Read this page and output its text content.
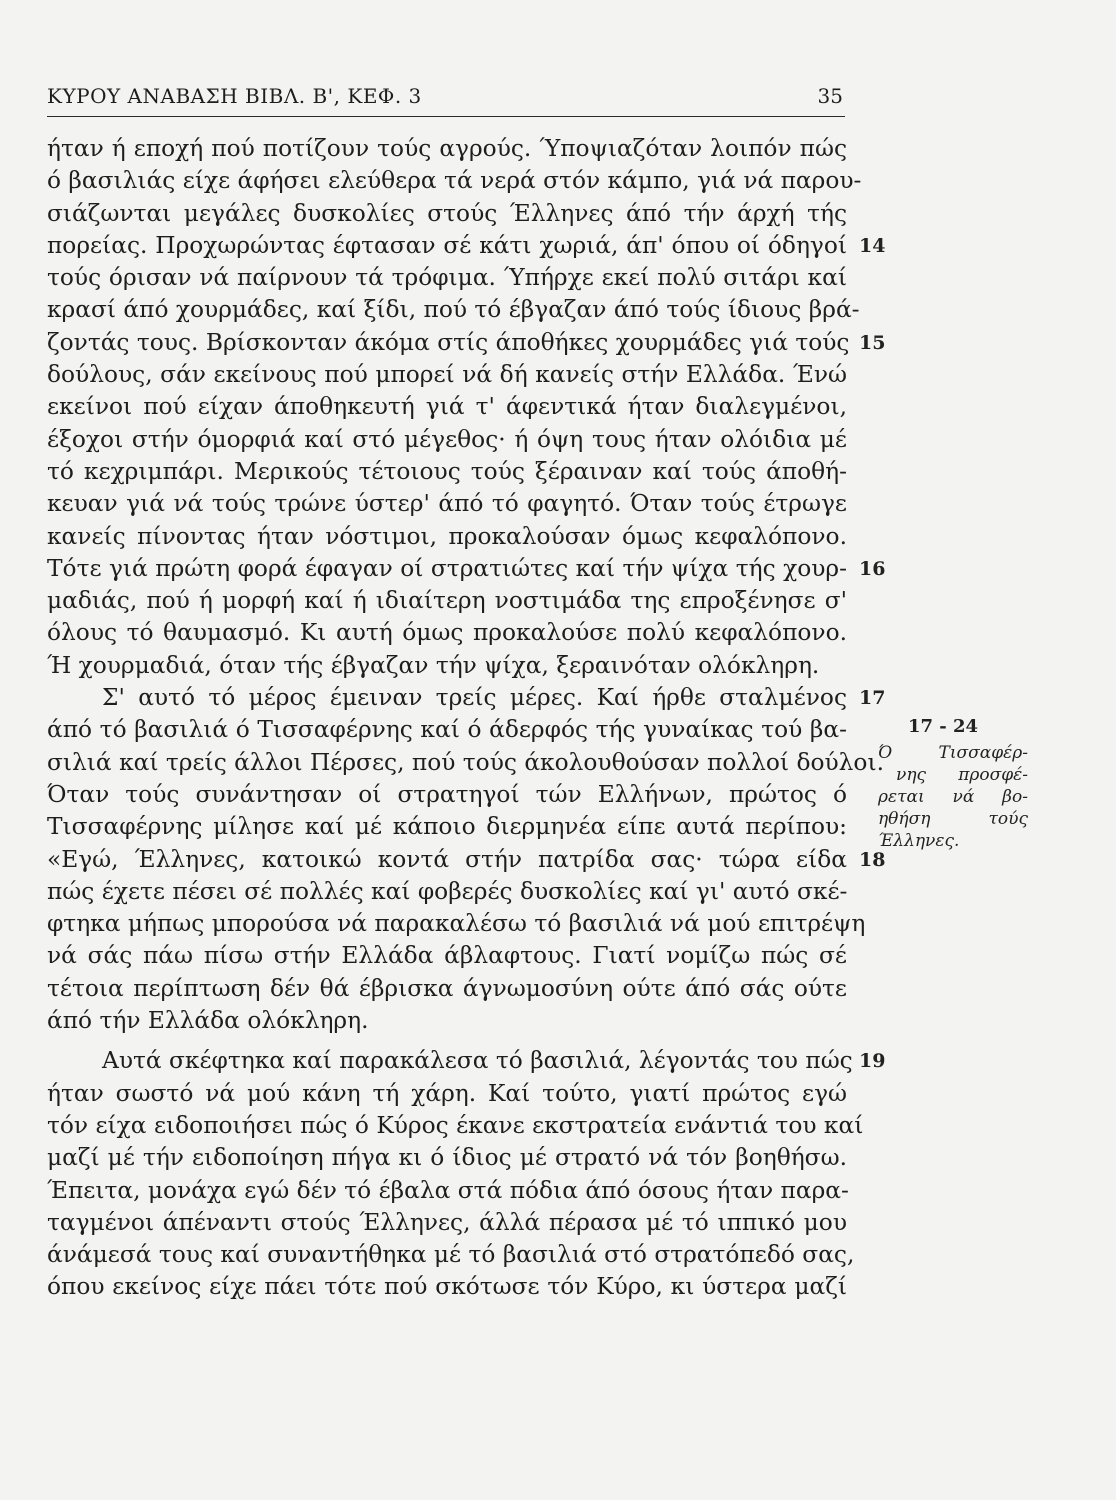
ΚΥΡΟΥ ΑΝΑΒΑΣΗ ΒΙΒΛ. Β', ΚΕΦ. 3	35
ήταν ή εποχή πού ποτίζουν τούς αγρούς. Ύποψιαζόταν λοιπόν πώς
ό βασιλιάς είχε άφήσει ελεύθερα τά νερά στόν κάμπο, γιά νά παρου-
σιάζωνται μεγάλες δυσκολίες στούς Έλληνες άπό τήν άρχή τής
πορείας. Προχωρώντας έφτασαν σέ κάτι χωριά, άπ' όπου οί όδηγοί 14
τούς όρισαν νά παίρνουν τά τρόφιμα. Ύπήρχε εκεί πολύ σιτάρι καί
κρασί άπό χουρμάδες, καί ξίδι, πού τό έβγαζαν άπό τούς ίδιους βρά-
ζοντάς τους. Βρίσκονταν άκόμα στίς άποθήκες χουρμάδες γιά τούς 15
δούλους, σάν εκείνους πού μπορεί νά δή κανείς στήν Ελλάδα. Ένώ
εκείνοι πού είχαν άποθηκευτή γιά τ' άφεντικά ήταν διαλεγμένοι,
έξοχοι στήν όμορφιά καί στό μέγεθος· ή όψη τους ήταν ολόιδια μέ
τό κεχριμπάρι. Μερικούς τέτοιους τούς ξέραιναν καί τούς άποθή-
κευαν γιά νά τούς τρώνε ύστερ' άπό τό φαγητό. Όταν τούς έτρωγε
κανείς πίνοντας ήταν νόστιμοι, προκαλούσαν όμως κεφαλόπονο.
Τότε γιά πρώτη φορά έφαγαν οί στρατιώτες καί τήν ψίχα τής χουρ- 16
μαδιάς, πού ή μορφή καί ή ιδιαίτερη νοστιμάδα της επροξένησε σ'
όλους τό θαυμασμό. Κι αυτή όμως προκαλούσε πολύ κεφαλόπονο.
Ή χουρμαδιά, όταν τής έβγαζαν τήν ψίχα, ξεραινόταν ολόκληρη.
Σ' αυτό τό μέρος έμειναν τρείς μέρες. Καί ήρθε σταλμένος 17
άπό τό βασιλιά ό Τισσαφέρνης καί ό άδερφός τής γυναίκας τού βα-
σιλιά καί τρείς άλλοι Πέρσες, πού τούς άκολουθούσαν πολλοί δούλοι.
Όταν τούς συνάντησαν οί στρατηγοί τών Ελλήνων, πρώτος ό
Τισσαφέρνης μίλησε καί μέ κάποιο διερμηνέα είπε αυτά περίπου:
«Εγώ, Έλληνες, κατοικώ κοντά στήν πατρίδα σας· τώρα είδα 18
πώς έχετε πέσει σέ πολλές καί φοβερές δυσκολίες καί γι' αυτό σκέ-
φτηκα μήπως μπορούσα νά παρακαλέσω τό βασιλιά νά μού επιτρέψη
νά σάς πάω πίσω στήν Ελλάδα άβλαφτους. Γιατί νομίζω πώς σέ
τέτοια περίπτωση δέν θά έβρισκα άγνωμοσύνη ούτε άπό σάς ούτε
άπό τήν Ελλάδα ολόκληρη.
Αυτά σκέφτηκα καί παρακάλεσα τό βασιλιά, λέγοντάς του πώς 19
ήταν σωστό νά μού κάνη τή χάρη. Καί τούτο, γιατί πρώτος εγώ
τόν είχα ειδοποιήσει πώς ό Κύρος έκανε εκστρατεία ενάντιά του καί
μαζί μέ τήν ειδοποίηση πήγα κι ό ίδιος μέ στρατό νά τόν βοηθήσω.
Έπειτα, μονάχα εγώ δέν τό έβαλα στά πόδια άπό όσους ήταν παρα-
ταγμένοι άπέναντι στούς Έλληνες, άλλά πέρασα μέ τό ιππικό μου
άνάμεσά τους καί συναντήθηκα μέ τό βασιλιά στό στρατόπεδό σας,
όπου εκείνος είχε πάει τότε πού σκότωσε τόν Κύρο, κι ύστερα μαζί
17 - 24
Ό Τισσαφέρ-
νης προσφέ-
ρεται νά βο-
ηθήση τούς
Έλληνες.
